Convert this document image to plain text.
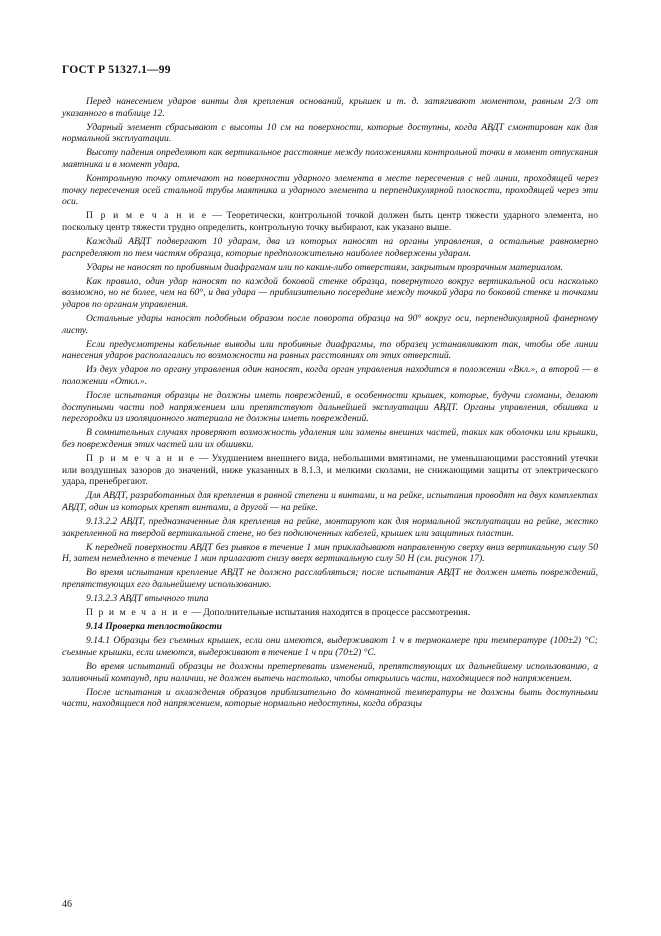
ГОСТ Р 51327.1—99

Перед нанесением ударов винты для крепления оснований, крышек и т. д. затягивают моментом, равным 2/3 от указанного в таблице 12.

Ударный элемент сбрасывают с высоты 10 см на поверхности, которые доступны, когда АВДТ смонтирован как для нормальной эксплуатации.

Высоту падения определяют как вертикальное расстояние между положениями контрольной точки в момент отпускания маятника и в момент удара.

Контрольную точку отмечают на поверхности ударного элемента в месте пересечения с ней линии, проходящей через точку пересечения осей стальной трубы маятника и ударного элемента и перпендикулярной плоскости, проходящей через эти оси.

П р и м е ч а н и е — Теоретически, контрольной точкой должен быть центр тяжести ударного элемента, но поскольку центр тяжести трудно определить, контрольную точку выбирают, как указано выше.

Каждый АВДТ подвергают 10 ударам, два из которых наносят на органы управления, а остальные равномерно распределяют по тем частям образца, которые предположительно наиболее подвержены ударам.

Удары не наносят по пробивным диафрагмам или по каким-либо отверстиям, закрытым прозрачным материалом.

Как правило, один удар наносят по каждой боковой стенке образца, повернутого вокруг вертикальной оси насколько возможно, но не более, чем на 60°, и два удара — приблизительно посередине между точкой удара по боковой стенке и точками ударов по органам управления.

Остальные удары наносят подобным образом после поворота образца на 90° вокруг оси, перпендикулярной фанерному листу.

Если предусмотрены кабельные выводы или пробивные диафрагмы, то образец устанавливают так, чтобы обе линии нанесения ударов располагались по возможности на равных расстояниях от этих отверстий.

Из двух ударов по органу управления один наносят, когда орган управления находится в положении «Вкл.», а второй — в положении «Откл.».

После испытания образцы не должны иметь повреждений, в особенности крышек, которые, будучи сломаны, делают доступными части под напряжением или препятствуют дальнейшей эксплуатации АВДТ. Органы управления, обшивка и перегородки из изоляционного материала не должны иметь повреждений.

В сомнительных случаях проверяют возможность удаления или замены внешних частей, таких как оболочки или крышки, без повреждения этих частей или их обшивки.

П р и м е ч а н и е — Ухудшением внешнего вида, небольшими вмятинами, не уменьшающими расстояний утечки или воздушных зазоров до значений, ниже указанных в 8.1.3, и мелкими сколами, не снижающими защиты от электрического удара, пренебрегают.

Для АВДТ, разработанных для крепления в равной степени и винтами, и на рейке, испытания проводят на двух комплектах АВДТ, один из которых крепят винтами, а другой — на рейке.

9.13.2.2 АВДТ, предназначенные для крепления на рейке, монтируют как для нормальной эксплуатации на рейке, жестко закрепленной на твердой вертикальной стене, но без подключенных кабелей, крышек или защитных пластин.

К передней поверхности АВДТ без рывков в течение 1 мин прикладывают направленную сверху вниз вертикальную силу 50 Н, затем немедленно в течение 1 мин прилагают снизу вверх вертикальную силу 50 Н (см. рисунок 17).

Во время испытания крепление АВДТ не должно расслабляться; после испытания АВДТ не должен иметь повреждений, препятствующих его дальнейшему использованию.

9.13.2.3 АВДТ втычного типа

П р и м е ч а н и е — Дополнительные испытания находятся в процессе рассмотрения.

9.14 Проверка теплостойкости

9.14.1 Образцы без съемных крышек, если они имеются, выдерживают 1 ч в термокамере при температуре (100±2) °С; съемные крышки, если имеются, выдерживают в течение 1 ч при (70±2) °С.

Во время испытаний образцы не должны претерпевать изменений, препятствующих их дальнейшему использованию, а заливочный компаунд, при наличии, не должен вытечь настолько, чтобы открылись части, находящиеся под напряжением.

После испытания и охлаждения образцов приблизительно до комнатной температуры не должны быть доступными части, находящиеся под напряжением, которые нормально недоступны, когда образцы

46
